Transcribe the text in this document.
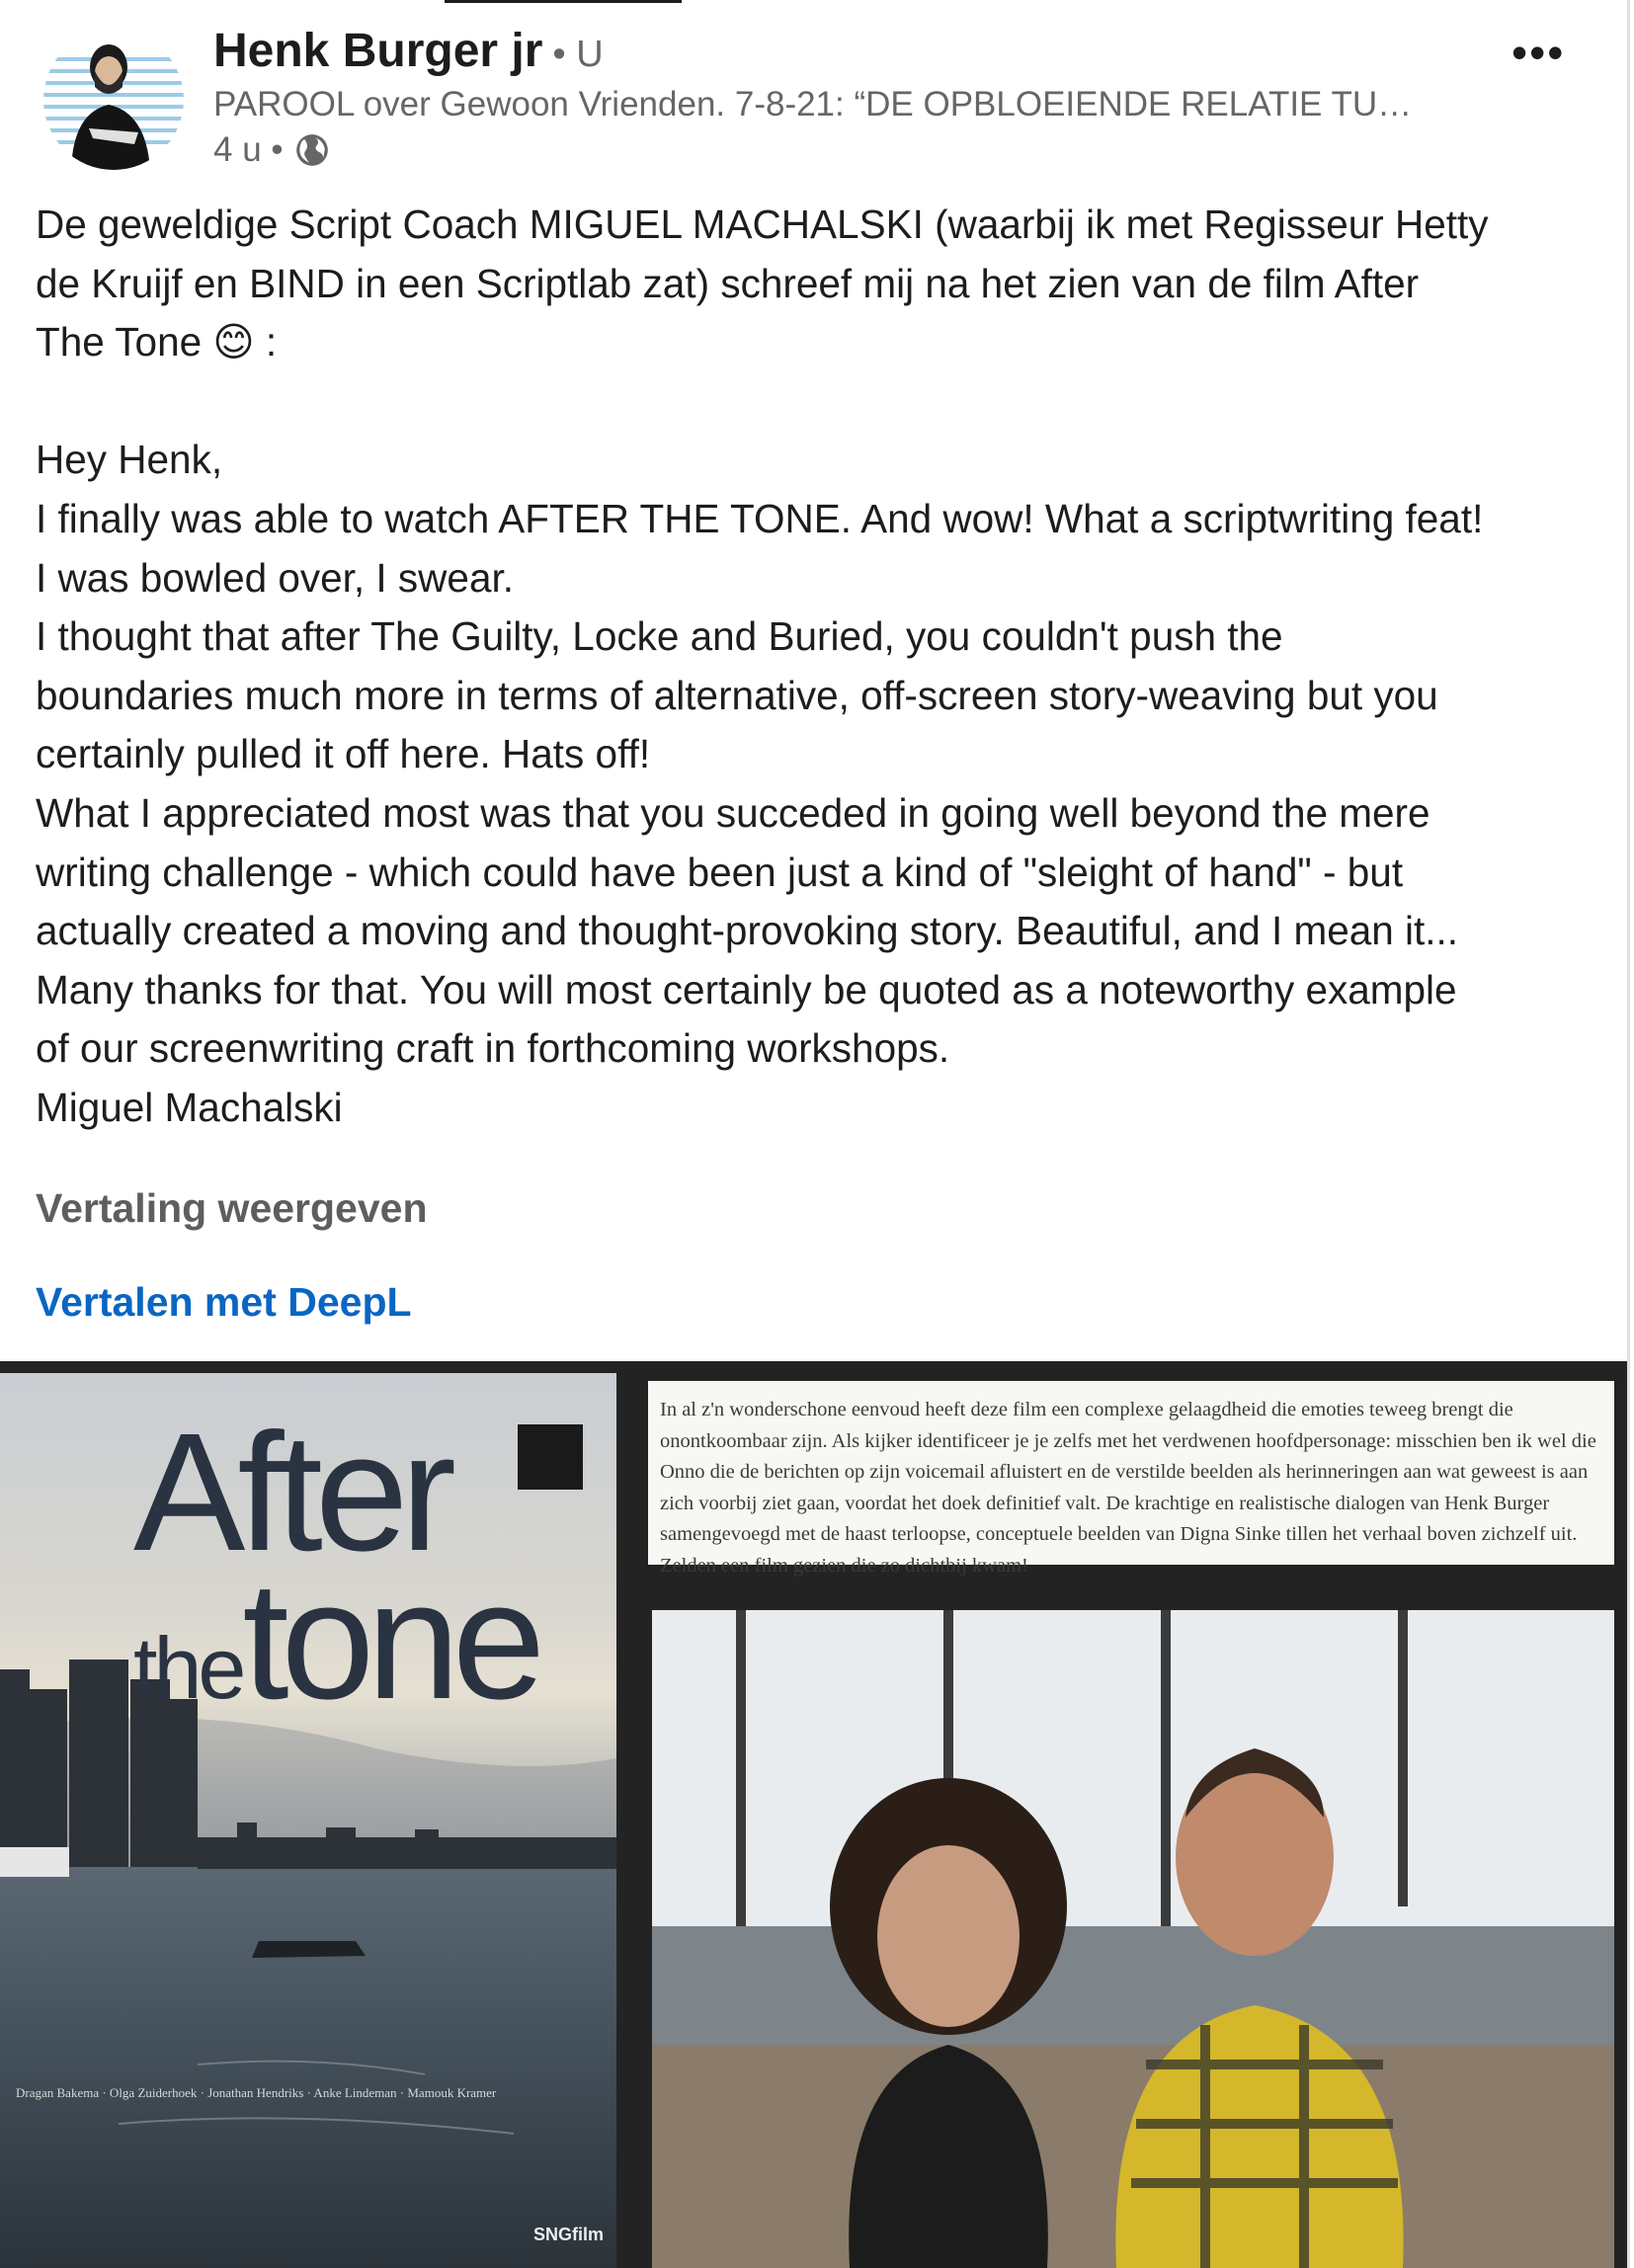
Henk Burger jr • U
PAROOL over Gewoon Vrienden. 7-8-21: “DE OPBLOEIENDE RELATIE TU…
4 u •
•••

De geweldige Script Coach MIGUEL MACHALSKI (waarbij ik met Regisseur Hetty

de Kruijf en BIND in een Scriptlab zat) schreef mij na het zien van de film After

The Tone 😊 :

Hey Henk,

I finally was able to watch AFTER THE TONE. And wow! What a scriptwriting feat!

I was bowled over, I swear.

I thought that after The Guilty, Locke and Buried, you couldn't push the

boundaries much more in terms of alternative, off-screen story-weaving but you

certainly pulled it off here. Hats off!

What I appreciated most was that you succeded in going well beyond the mere

writing challenge - which could have been just a kind of "sleight of hand" - but

actually created a moving and thought-provoking story. Beautiful, and I mean it...

Many thanks for that. You will most certainly be quoted as a noteworthy example

of our screenwriting craft in forthcoming workshops.

Miguel Machalski

Vertaling weergeven
Vertalen met DeepL
After
thetone
Dragan Bakema · Olga Zuiderhoek · Jonathan Hendriks · Anke Lindeman · Mamouk Kramer
SNGfilm
In al z'n wonderschone eenvoud heeft deze film een complexe gelaagdheid die emoties teweeg brengt die onontkoombaar zijn. Als kijker identificeer je je zelfs met het verdwenen hoofdpersonage: misschien ben ik wel die Onno die de berichten op zijn voicemail afluistert en de verstilde beelden als herinneringen aan wat geweest is aan zich voorbij ziet gaan, voordat het doek definitief valt. De krachtige en realistische dialogen van Henk Burger samengevoegd met de haast terloopse, conceptuele beelden van Digna Sinke tillen het verhaal boven zichzelf uit. Zelden een film gezien die zo dichtbij kwam!
